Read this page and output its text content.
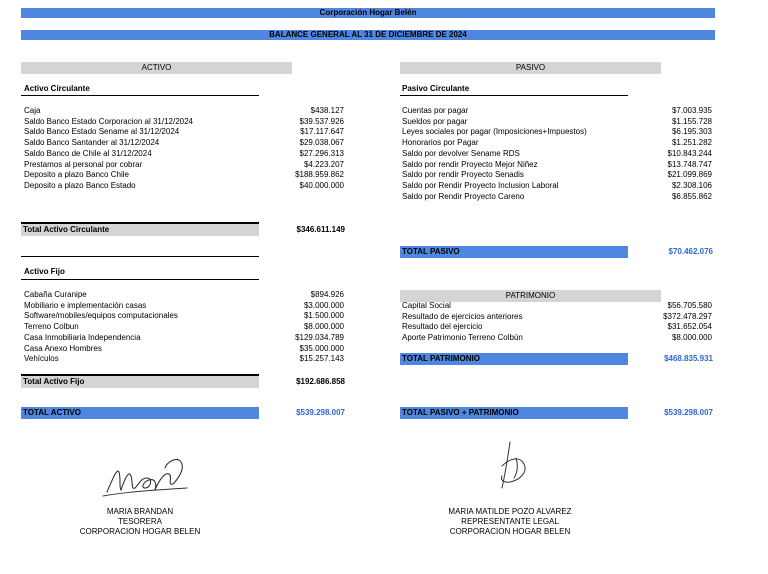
Corporación Hogar Belén
BALANCE GENERAL AL 31 DE DICIEMBRE DE 2024
ACTIVO	PASIVO
Activo Circulante
Caja	$438.127
Saldo Banco Estado Corporacion al 31/12/2024	$39.537.926
Saldo Banco Estado Sename al 31/12/2024	$17.117.647
Saldo Banco Santander al 31/12/2024	$29.038.067
Saldo Banco de Chile al 31/12/2024	$27.296.313
Prestamos al personal por cobrar	$4.223.207
Deposito a plazo Banco Chile	$188.959.862
Deposito a plazo Banco Estado	$40.000.000
Total Activo Circulante	$346.611.149
Activo Fijo
Cabaña Curanipe	$894.926
Mobiliario e implementación casas	$3.000.000
Software/mobiles/equipos computacionales	$1.500.000
Terreno Colbun	$8.000.000
Casa Inmobiliaria Independencia	$129.034.789
Casa Anexo Hombres	$35.000.000
Vehículos	$15.257.143
Total Activo Fijo	$192.686.858
TOTAL ACTIVO	$539.298.007
Pasivo Circulante
Cuentas por pagar	$7.003.935
Sueldos por pagar	$1.155.728
Leyes sociales por pagar (Imposiciones+Impuestos)	$6.195.303
Honorarios por Pagar	$1.251.282
Saldo por devolver Sename RDS	$10.843.244
Saldo por rendir Proyecto Mejor Niñez	$13.748.747
Saldo por rendir Proyecto Senadis	$21.099.869
Saldo por Rendir Proyecto Inclusion Laboral	$2.308.106
Saldo por Rendir Proyecto Careno	$6.855.862
TOTAL PASIVO	$70.462.076
PATRIMONIO
Capital Social	$56.705.580
Resultado de ejercicios anteriores	$372.478.297
Resultado del ejercicio	$31.652.054
Aporte Patrimonio Terreno Colbún	$8.000.000
TOTAL PATRIMONIO	$468.835.931
TOTAL PASIVO + PATRIMONIO	$539.298.007
MARIA BRANDAN
TESORERA
CORPORACION HOGAR BELEN
MARIA MATILDE POZO ALVAREZ
REPRESENTANTE LEGAL
CORPORACION HOGAR BELEN
